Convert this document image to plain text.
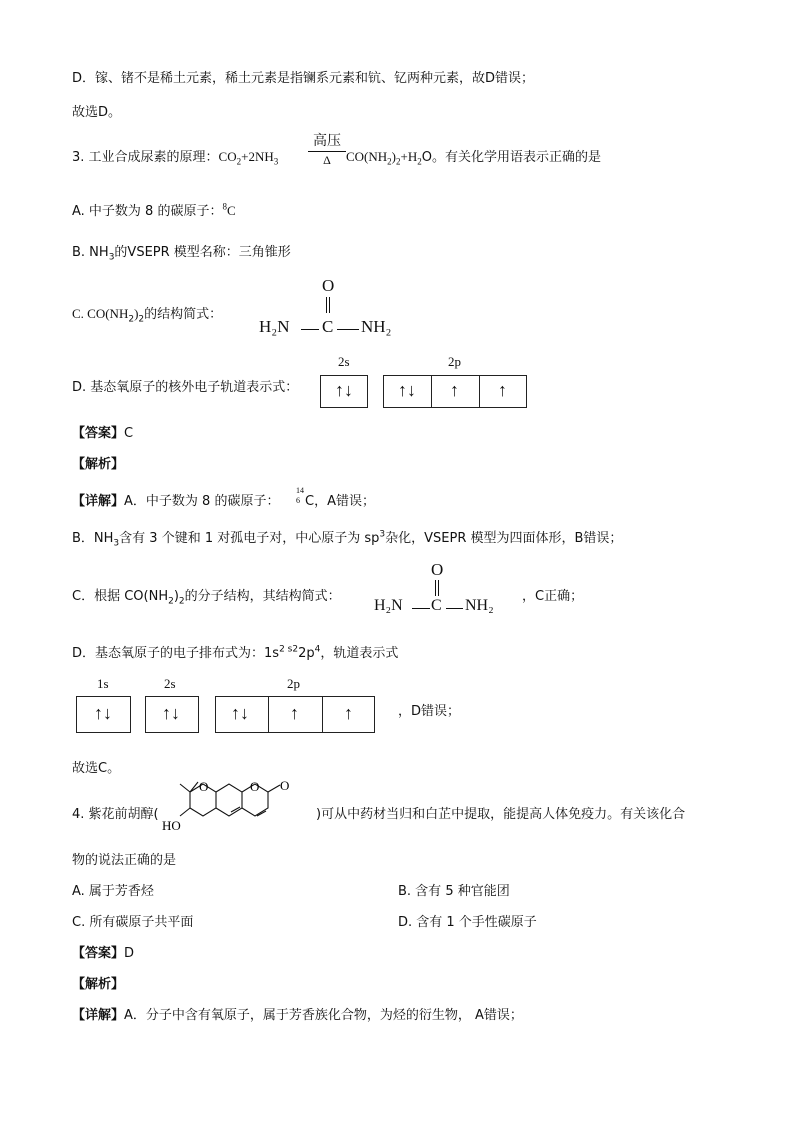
D．镓、锗不是稀土元素，稀土元素是指镧系元素和钪、钇两种元素，故D错误；
故选D。
3. 工业合成尿素的原理：$CO_2+2NH_3$
高压
Δ $CO(NH_2)_2+H_2O$。有关化学用语表示正确的是
A. 中子数为 8 的碳原子：$^8$C
B. $NH_3$的VSEPR 模型名称：三角锥形
C. $CO(NH_2)_2$的结构简式：
O
H₂N C NH₂
D. 基态氧原子的核外电子轨道表示式：
2s	2p
↑↓	↑↓ ↑ ↑
【答案】C
【解析】
【详解】A．中子数为 8 的碳原子：
14
6 C，A错误；
B．$NH_3$含有 3 个键和 1 对孤电子对，中心原子为 $sp^3$杂化，VSEPR 模型为四面体形，B错误；
C．根据 $CO(NH_2)_2$的分子结构，其结构简式：
O
H₂N C NH₂
，C正确；
D．基态氧原子的电子排布式为：$1s^{2 s2}2p^4$，轨道表示式
1s	2s	2p
↑↓	↑↓	↑↓ ↑	↑	，D错误；
故选C。
4. 紫花前胡醇(
O	O O
HO
)可从中药材当归和白芷中提取，能提高人体免疫力。有关该化合
物的说法正确的是
A. 属于芳香烃	B. 含有 5 种官能团
C. 所有碳原子共平面	D. 含有 1 个手性碳原子
【答案】D
【解析】
【详解】A．分子中含有氧原子，属于芳香族化合物，为烃的衍生物， A错误；
